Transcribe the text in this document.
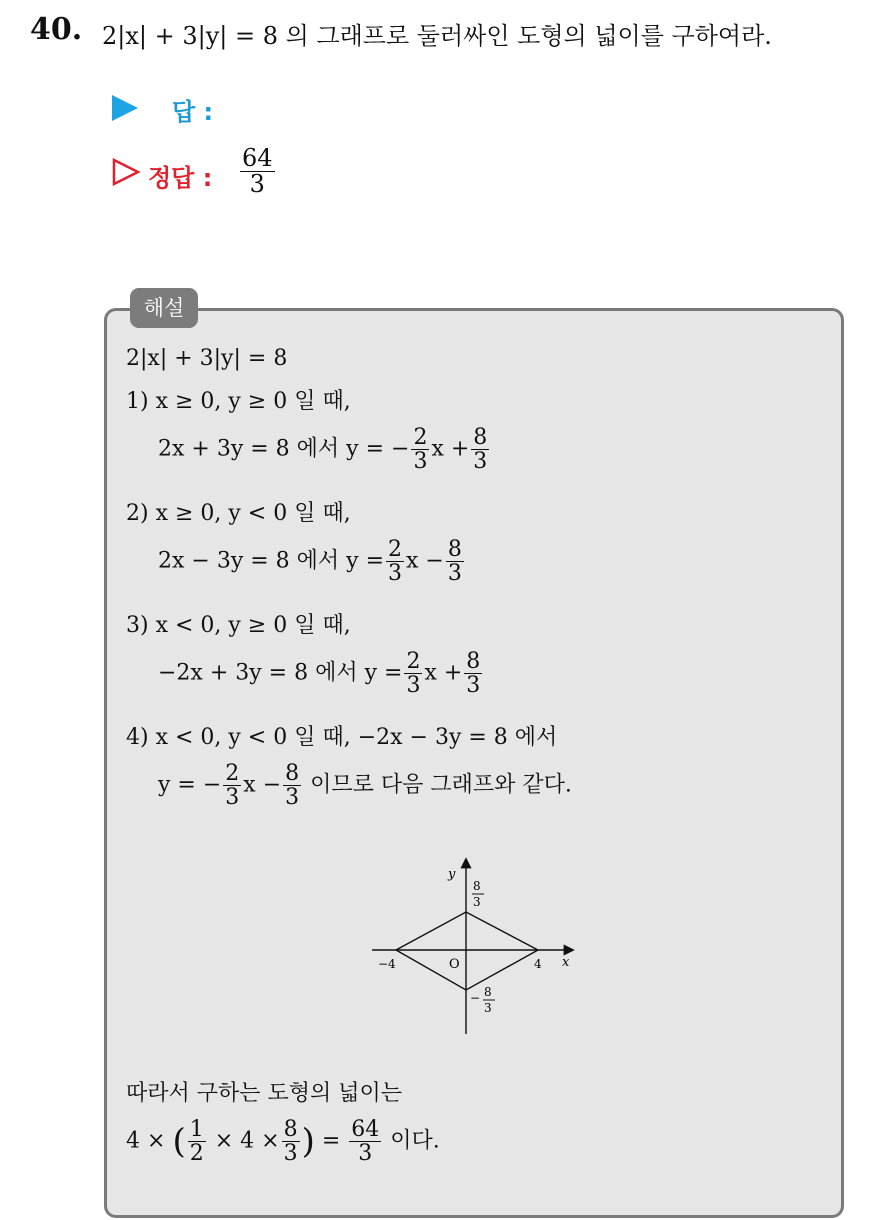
40. 2|x| + 3|y| = 8 의 그래프로 둘러싸인 도형의 넓이를 구하여라.
답 :
정답 : $\frac{64}{3}$
해설
2|x| + 3|y| = 8
1) x ≥ 0, y ≥ 0 일 때,
2x + 3y = 8 에서 y = − $\frac{2}{3}$ $x + \frac{8}{3}$
2) x ≥ 0, y < 0 일 때,
2x − 3y = 8 에서 $y = \frac{2}{3}$ $x - \frac{8}{3}$
3) x < 0, y ≥ 0 일 때,
−2x + 3y = 8 에서 $y = \frac{2}{3}$ $x + \frac{8}{3}$
4) x < 0, y < 0 일 때, −2x − 3y = 8 에서
y = − $\frac{2}{3}$ $x - \frac{8}{3}$ 이므로 다음 그래프와 같다.
y
x
O
−4	4
8
3
− 8
3
따라서 구하는 도형의 넓이는
4 × ( $\frac{1}{2} \times 4 \times \frac{8}{3}$ ) = $\frac{64}{3}$ 이다.
